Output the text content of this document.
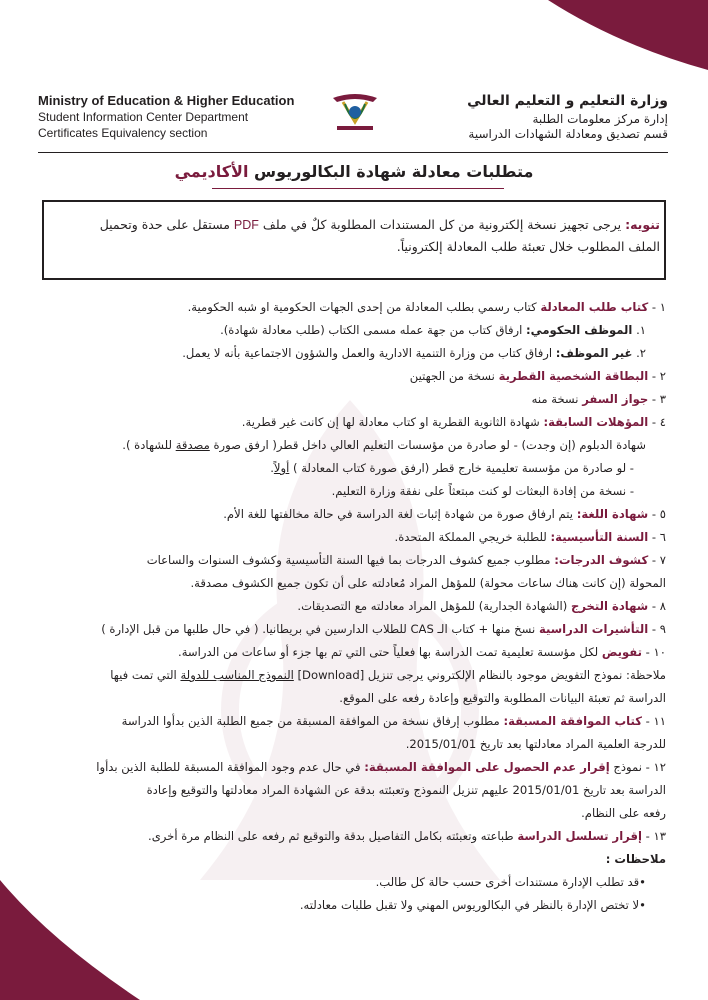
Ministry of Education & Higher Education
Student Information Center Department
Certificates Equivalency section
وزارة التعليم و التعليم العالي
إدارة مركز معلومات الطلبة
قسم تصديق ومعادلة الشهادات الدراسية
متطلبات معادلة شهادة البكالوريوس الأكاديمي
تنويه: يرجى تجهيز نسخة إلكترونية من كل المستندات المطلوبة كلٌ في ملف PDF مستقل على حدة وتحميل
الملف المطلوب خلال تعبئة طلب المعادلة إلكترونياً.
١ - كتاب طلب المعادلة كتاب رسمي بطلب المعادلة من إحدى الجهات الحكومية او شبه الحكومية.
١. الموظف الحكومي: ارفاق كتاب من جهة عمله مسمى الكتاب (طلب معادلة شهادة).
٢. غير الموظف: ارفاق كتاب من وزارة التنمية الادارية والعمل والشؤون الاجتماعية بأنه لا يعمل.
٢ - البطاقة الشخصية القطرية نسخة من الجهتين
٣ - جواز السفر نسخة منه
٤ - المؤهلات السابقة: شهادة الثانوية القطرية او كتاب معادلة لها إن كانت غير قطرية.
شهادة الدبلوم (إن وجدت) - لو صادرة من مؤسسات التعليم العالي داخل قطر( ارفق صورة مصدقة للشهادة ).
- لو صادرة من مؤسسة تعليمية خارج قطر (ارفق صورة كتاب المعادلة ) أولاً.
- نسخة من إفادة البعثات لو كنت مبتعثاً على نفقة وزارة التعليم.
٥ - شهادة اللغة: يتم ارفاق صورة من شهادة إثبات لغة الدراسة في حالة مخالفتها للغة الأم.
٦ - السنة التأسيسية: للطلبة خريجي المملكة المتحدة.
٧ - كشوف الدرجات: مطلوب جميع كشوف الدرجات بما فيها السنة التأسيسية وكشوف السنوات والساعات
المحولة (إن كانت هناك ساعات محولة) للمؤهل المراد مُعادلته على أن تكون جميع الكشوف مصدقة.
٨ - شهادة التخرج (الشهادة الجدارية) للمؤهل المراد معادلته مع التصديقات.
٩ - التأشيرات الدراسية نسخ منها + كتاب الـ CAS للطلاب الدارسين في بريطانيا. ( في حال طلبها من قبل الإدارة )
١٠ - تفويض لكل مؤسسة تعليمية تمت الدراسة بها فعلياً حتى التي تم بها جزء أو ساعات من الدراسة.
ملاحظة: نموذج التفويض موجود بالنظام الإلكتروني يرجى تنزيل [Download] النموذج المناسب للدولة التي تمت فيها
الدراسة ثم تعبئة البيانات المطلوبة والتوقيع وإعادة رفعه على الموقع.
١١ - كتاب الموافقة المسبقة: مطلوب إرفاق نسخة من الموافقة المسبقة من جميع الطلبة الذين بدأوا الدراسة
للدرجة العلمية المراد معادلتها بعد تاريخ 2015/01/01.
١٢ - نموذج إقرار عدم الحصول على الموافقة المسبقة: في حال عدم وجود الموافقة المسبقة للطلبة الذين بدأوا
الدراسة بعد تاريخ 2015/01/01 عليهم تنزيل النموذج وتعبئته بدقة عن الشهادة المراد معادلتها والتوقيع وإعادة
رفعه على النظام.
١٣ - إقرار تسلسل الدراسة طباعته وتعبئته بكامل التفاصيل بدقة والتوقيع ثم رفعه على النظام مرة أخرى.
ملاحظات :
•قد تطلب الإدارة مستندات أخرى حسب حالة كل طالب.
•لا تختص الإدارة بالنظر في البكالوريوس المهني ولا تقبل طلبات معادلته.
